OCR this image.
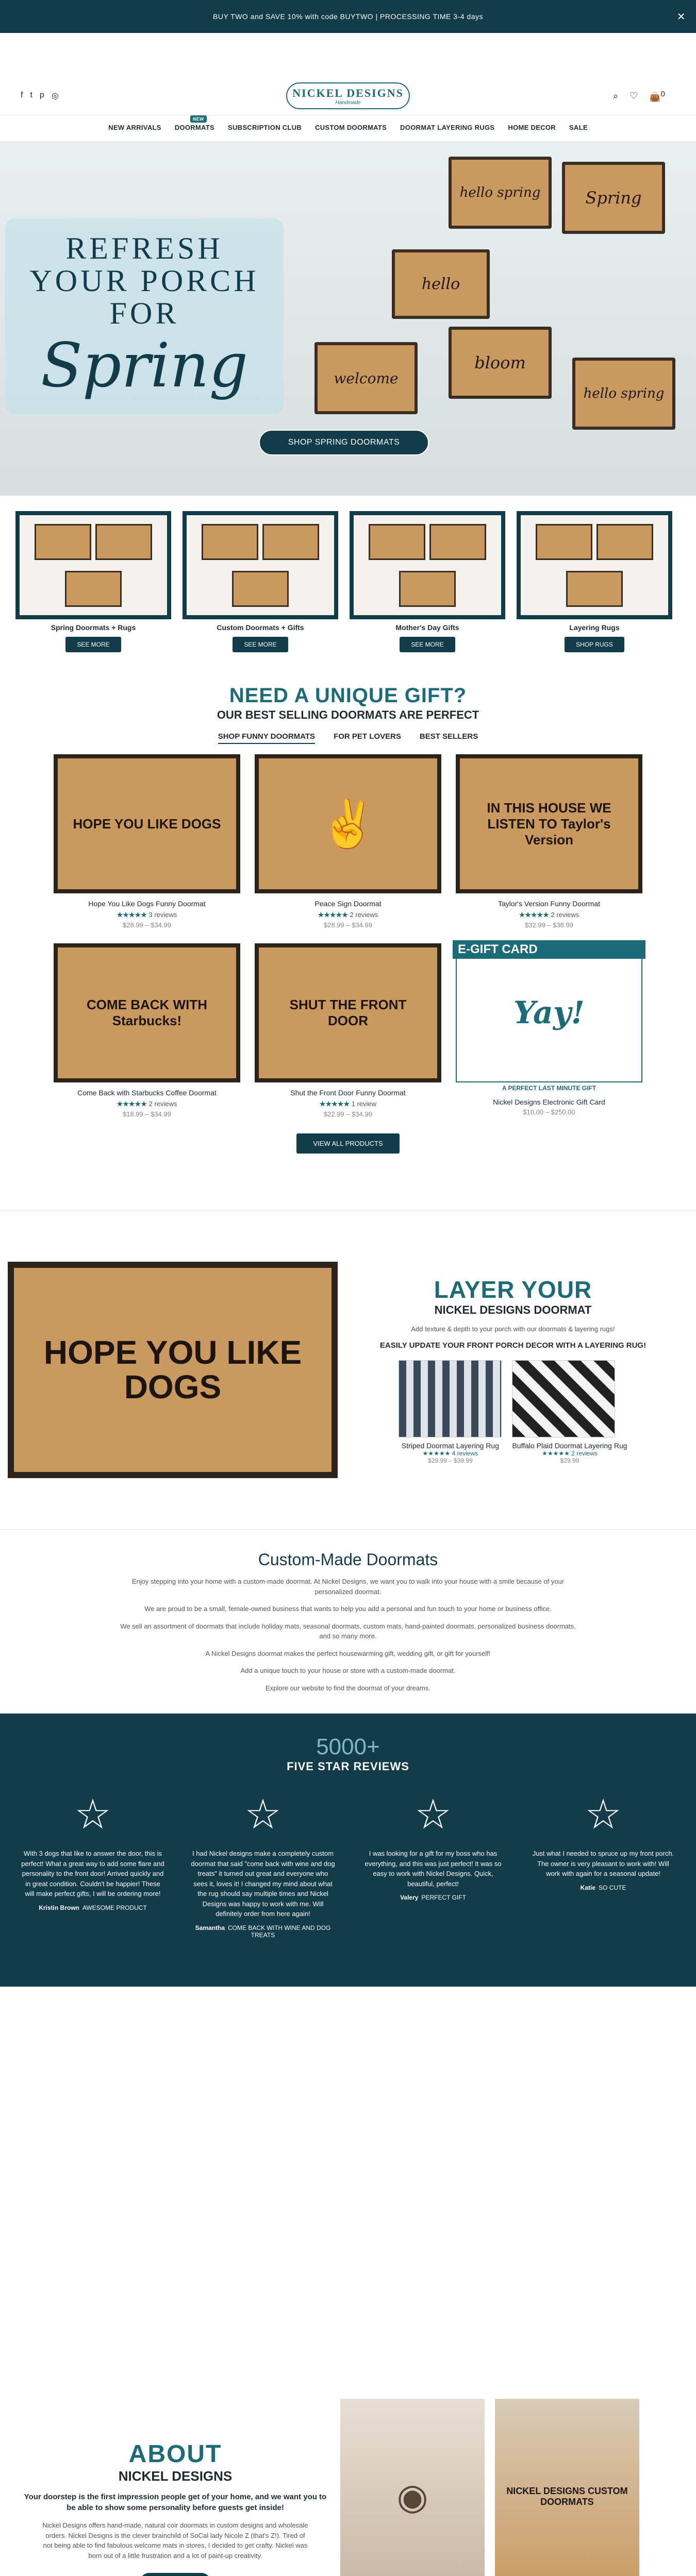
BUY TWO and SAVE 10% with code BUYTWO | PROCESSING TIME 3-4 days	✕
f t p ◎	NICKEL DESIGNS
Handmade
⌕ ♡ 👜$^0$
NEW ARRIVALS DOORMATS
NEW
SUBSCRIPTION CLUB CUSTOM DOORMATS DOORMAT LAYERING RUGS HOME DECOR SALE
hello spring	Spring
hello
welcome
bloom
hello spring
REFRESH
YOUR PORCH
FOR
Spring
SHOP SPRING DOORMATS
Spring Doormats + Rugs
SEE MORE
Custom Doormats + Gifts
SEE MORE
Mother's Day Gifts
SEE MORE
Layering Rugs
SHOP RUGS
NEED A UNIQUE GIFT?
OUR BEST SELLING DOORMATS ARE PERFECT
SHOP FUNNY DOORMATS FOR PET LOVERS BEST SELLERS
HOPE YOU LIKE DOGS
Hope You Like Dogs Funny Doormat
★★★★★ 3 reviews
$28.99 – $34.99
✌
Peace Sign Doormat
★★★★★ 2 reviews
$28.99 – $34.99
IN THIS HOUSE WE LISTEN TO Taylor's Version
Taylor's Version Funny Doormat
★★★★★ 2 reviews
$32.99 – $38.99
COME BACK WITH Starbucks!
Come Back with Starbucks Coffee Doormat
★★★★★ 2 reviews
$18.99 – $34.99
SHUT THE FRONT DOOR
Shut the Front Door Funny Doormat
★★★★★ 1 review
$22.99 – $34.99
E-GIFT CARD
Yay!
A PERFECT LAST MINUTE GIFT
Nickel Designs Electronic Gift Card
$10.00 – $250.00
VIEW ALL PRODUCTS
HOPE YOU LIKE DOGS
LAYER YOUR
NICKEL DESIGNS DOORMAT

Add texture & depth to your porch with our doormats & layering rugs!

EASILY UPDATE YOUR FRONT PORCH DECOR WITH A LAYERING RUG!
Striped Doormat Layering Rug
★★★★★ 4 reviews
$29.99 – $39.99
Buffalo Plaid Doormat Layering Rug
★★★★★ 2 reviews
$29.99
Custom-Made Doormats

Enjoy stepping into your home with a custom-made doormat. At Nickel Designs, we want you to walk into your house with a smile because of your personalized doormat.

We are proud to be a small, female-owned business that wants to help you add a personal and fun touch to your home or business office.

We sell an assortment of doormats that include holiday mats, seasonal doormats, custom mats, hand-painted doormats, personalized business doormats, and so many more.

A Nickel Designs doormat makes the perfect housewarming gift, wedding gift, or gift for yourself!

Add a unique touch to your house or store with a custom-made doormat.

Explore our website to find the doormat of your dreams.

5000+
FIVE STAR REVIEWS
☆

With 3 dogs that like to answer the door, this is perfect! What a great way to add some flare and personality to the front door! Arrived quickly and in great condition. Couldn't be happier! These will make perfect gifts, I will be ordering more!

Kristin Brown AWESOME PRODUCT
☆

I had Nickel designs make a completely custom doormat that said "come back with wine and dog treats" it turned out great and everyone who sees it, loves it! I changed my mind about what the rug should say multiple times and Nickel Designs was happy to work with me. Will definitely order from here again!

Samantha COME BACK WITH WINE AND DOG TREATS
☆

I was looking for a gift for my boss who has everything, and this was just perfect! It was so easy to work with Nickel Designs. Quick, beautiful, perfect!

Valery PERFECT GIFT
☆

Just what I needed to spruce up my front porch. The owner is very pleasant to work with! Will work with again for a seasonal update!

Katie SO CUTE
ABOUT
NICKEL DESIGNS
Your doorstep is the first impression people get of your home, and we want you to be able to show some personality before guests get inside!

Nickel Designs offers hand-made, natural coir doormats in custom designs and wholesale orders. Nickel Designs is the clever brainchild of SoCal lady Nicole Z (that's Z!). Tired of not being able to find fabulous welcome mats in stores, I decided to get crafty. Nickel was born out of a little frustration and a lot of paint-up creativity.

◉	NICKEL DESIGNS CUSTOM DOORMATS
